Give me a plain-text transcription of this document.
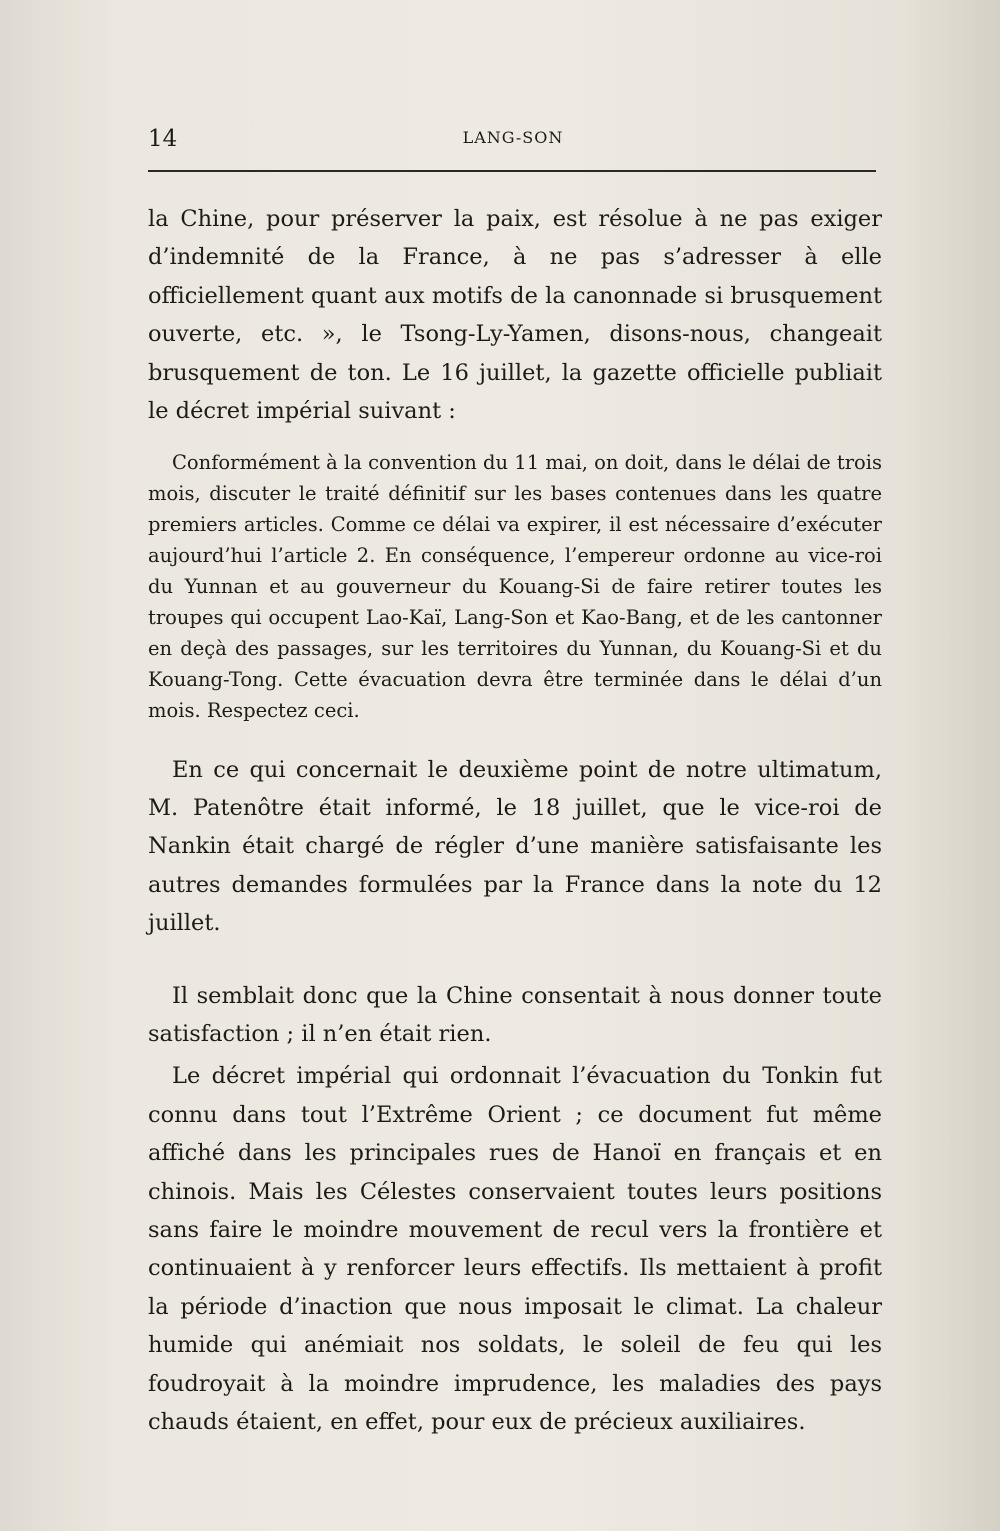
14	LANG-SON

la Chine, pour préserver la paix, est résolue à ne pas exiger d’indemnité de la France, à ne pas s’adresser à elle officiellement quant aux motifs de la canonnade si brusquement ouverte, etc. », le Tsong-Ly-Yamen, disons-nous, changeait brusquement de ton. Le 16 juillet, la gazette officielle publiait le décret impérial suivant :

Conformément à la convention du 11 mai, on doit, dans le délai de trois mois, discuter le traité définitif sur les bases contenues dans les quatre premiers articles. Comme ce délai va expirer, il est nécessaire d’exécuter aujourd’hui l’article 2. En conséquence, l’empereur ordonne au vice-roi du Yunnan et au gouverneur du Kouang-Si de faire retirer toutes les troupes qui occupent Lao-Kaï, Lang-Son et Kao-Bang, et de les cantonner en deçà des passages, sur les territoires du Yunnan, du Kouang-Si et du Kouang-Tong. Cette évacuation devra être terminée dans le délai d’un mois. Respectez ceci.

En ce qui concernait le deuxième point de notre ultimatum, M. Patenôtre était informé, le 18 juillet, que le vice-roi de Nankin était chargé de régler d’une manière satisfaisante les autres demandes formulées par la France dans la note du 12 juillet.

Il semblait donc que la Chine consentait à nous donner toute satisfaction ; il n’en était rien.

Le décret impérial qui ordonnait l’évacuation du Tonkin fut connu dans tout l’Extrême Orient ; ce document fut même affiché dans les principales rues de Hanoï en français et en chinois. Mais les Célestes conservaient toutes leurs positions sans faire le moindre mouvement de recul vers la frontière et continuaient à y renforcer leurs effectifs. Ils mettaient à profit la période d’inaction que nous imposait le climat. La chaleur humide qui anémiait nos soldats, le soleil de feu qui les foudroyait à la moindre imprudence, les maladies des pays chauds étaient, en effet, pour eux de précieux auxiliaires.
